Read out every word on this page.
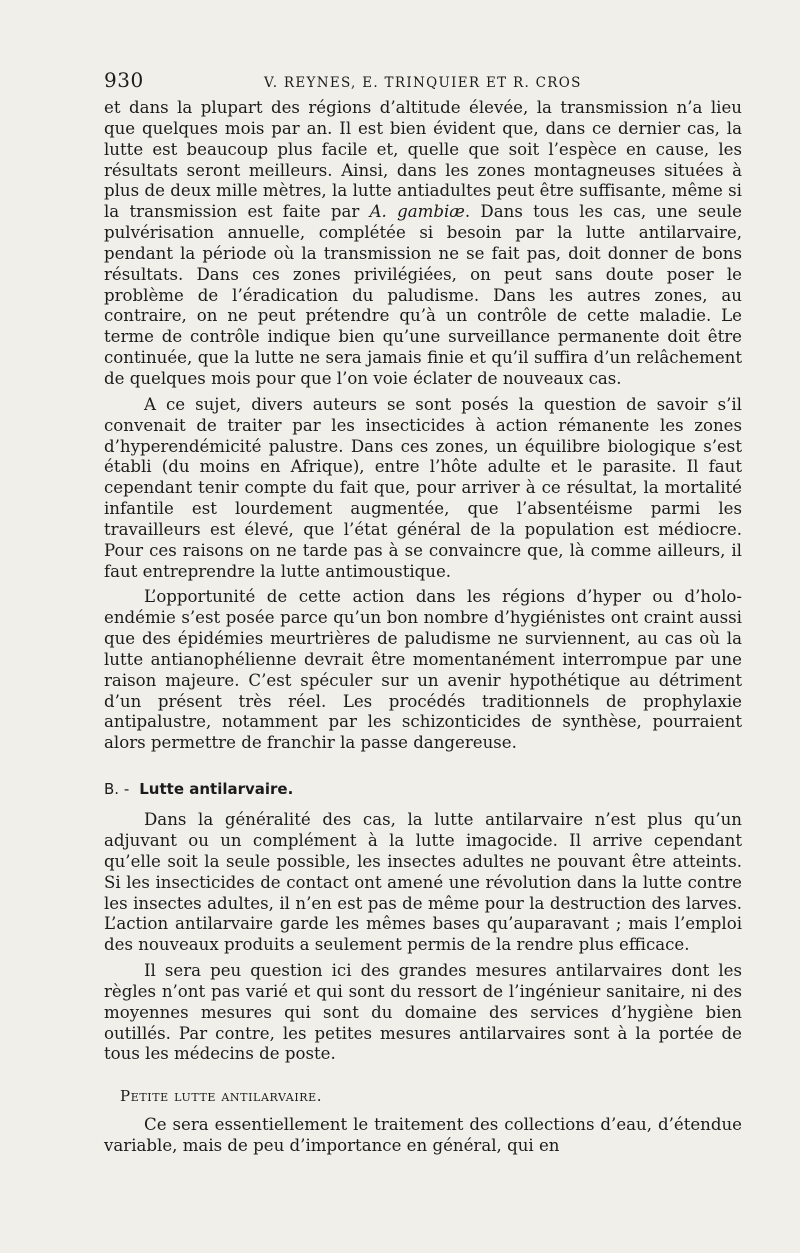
930	V. REYNES, E. TRINQUIER ET R. CROS

et dans la plupart des régions d’altitude élevée, la transmission n’a lieu que quelques mois par an. Il est bien évident que, dans ce dernier cas, la lutte est beaucoup plus facile et, quelle que soit l’espèce en cause, les résultats seront meilleurs. Ainsi, dans les zones montagneuses situées à plus de deux mille mètres, la lutte antiadultes peut être suffisante, même si la transmission est faite par A. gambiæ. Dans tous les cas, une seule pulvérisation annuelle, complétée si besoin par la lutte antilarvaire, pendant la période où la transmission ne se fait pas, doit donner de bons résultats. Dans ces zones privilégiées, on peut sans doute poser le problème de l’éradication du paludisme. Dans les autres zones, au contraire, on ne peut prétendre qu’à un contrôle de cette maladie. Le terme de contrôle indique bien qu’une surveillance permanente doit être continuée, que la lutte ne sera jamais finie et qu’il suffira d’un relâchement de quelques mois pour que l’on voie éclater de nouveaux cas.

A ce sujet, divers auteurs se sont posés la question de savoir s’il convenait de traiter par les insecticides à action rémanente les zones d’hyperendémicité palustre. Dans ces zones, un équilibre biologique s’est établi (du moins en Afrique), entre l’hôte adulte et le parasite. Il faut cependant tenir compte du fait que, pour arriver à ce résultat, la mortalité infantile est lourdement augmentée, que l’absentéisme parmi les travailleurs est élevé, que l’état général de la population est médiocre. Pour ces raisons on ne tarde pas à se convaincre que, là comme ailleurs, il faut entreprendre la lutte antimoustique.

L’opportunité de cette action dans les régions d’hyper ou d’holoendémie s’est posée parce qu’un bon nombre d’hygiénistes ont craint aussi que des épidémies meurtrières de paludisme ne surviennent, au cas où la lutte antianophélienne devrait être momentanément interrompue par une raison majeure. C’est spéculer sur un avenir hypothétique au détriment d’un présent très réel. Les procédés traditionnels de prophylaxie antipalustre, notamment par les schizonticides de synthèse, pourraient alors permettre de franchir la passe dangereuse.

B. - Lutte antilarvaire.

Dans la généralité des cas, la lutte antilarvaire n’est plus qu’un adjuvant ou un complément à la lutte imagocide. Il arrive cependant qu’elle soit la seule possible, les insectes adultes ne pouvant être atteints. Si les insecticides de contact ont amené une révolution dans la lutte contre les insectes adultes, il n’en est pas de même pour la destruction des larves. L’action antilarvaire garde les mêmes bases qu’auparavant ; mais l’emploi des nouveaux produits a seulement permis de la rendre plus efficace.

Il sera peu question ici des grandes mesures antilarvaires dont les règles n’ont pas varié et qui sont du ressort de l’ingénieur sanitaire, ni des moyennes mesures qui sont du domaine des services d’hygiène bien outillés. Par contre, les petites mesures antilarvaires sont à la portée de tous les médecins de poste.

Petite lutte antilarvaire.

Ce sera essentiellement le traitement des collections d’eau, d’étendue variable, mais de peu d’importance en général, qui en
